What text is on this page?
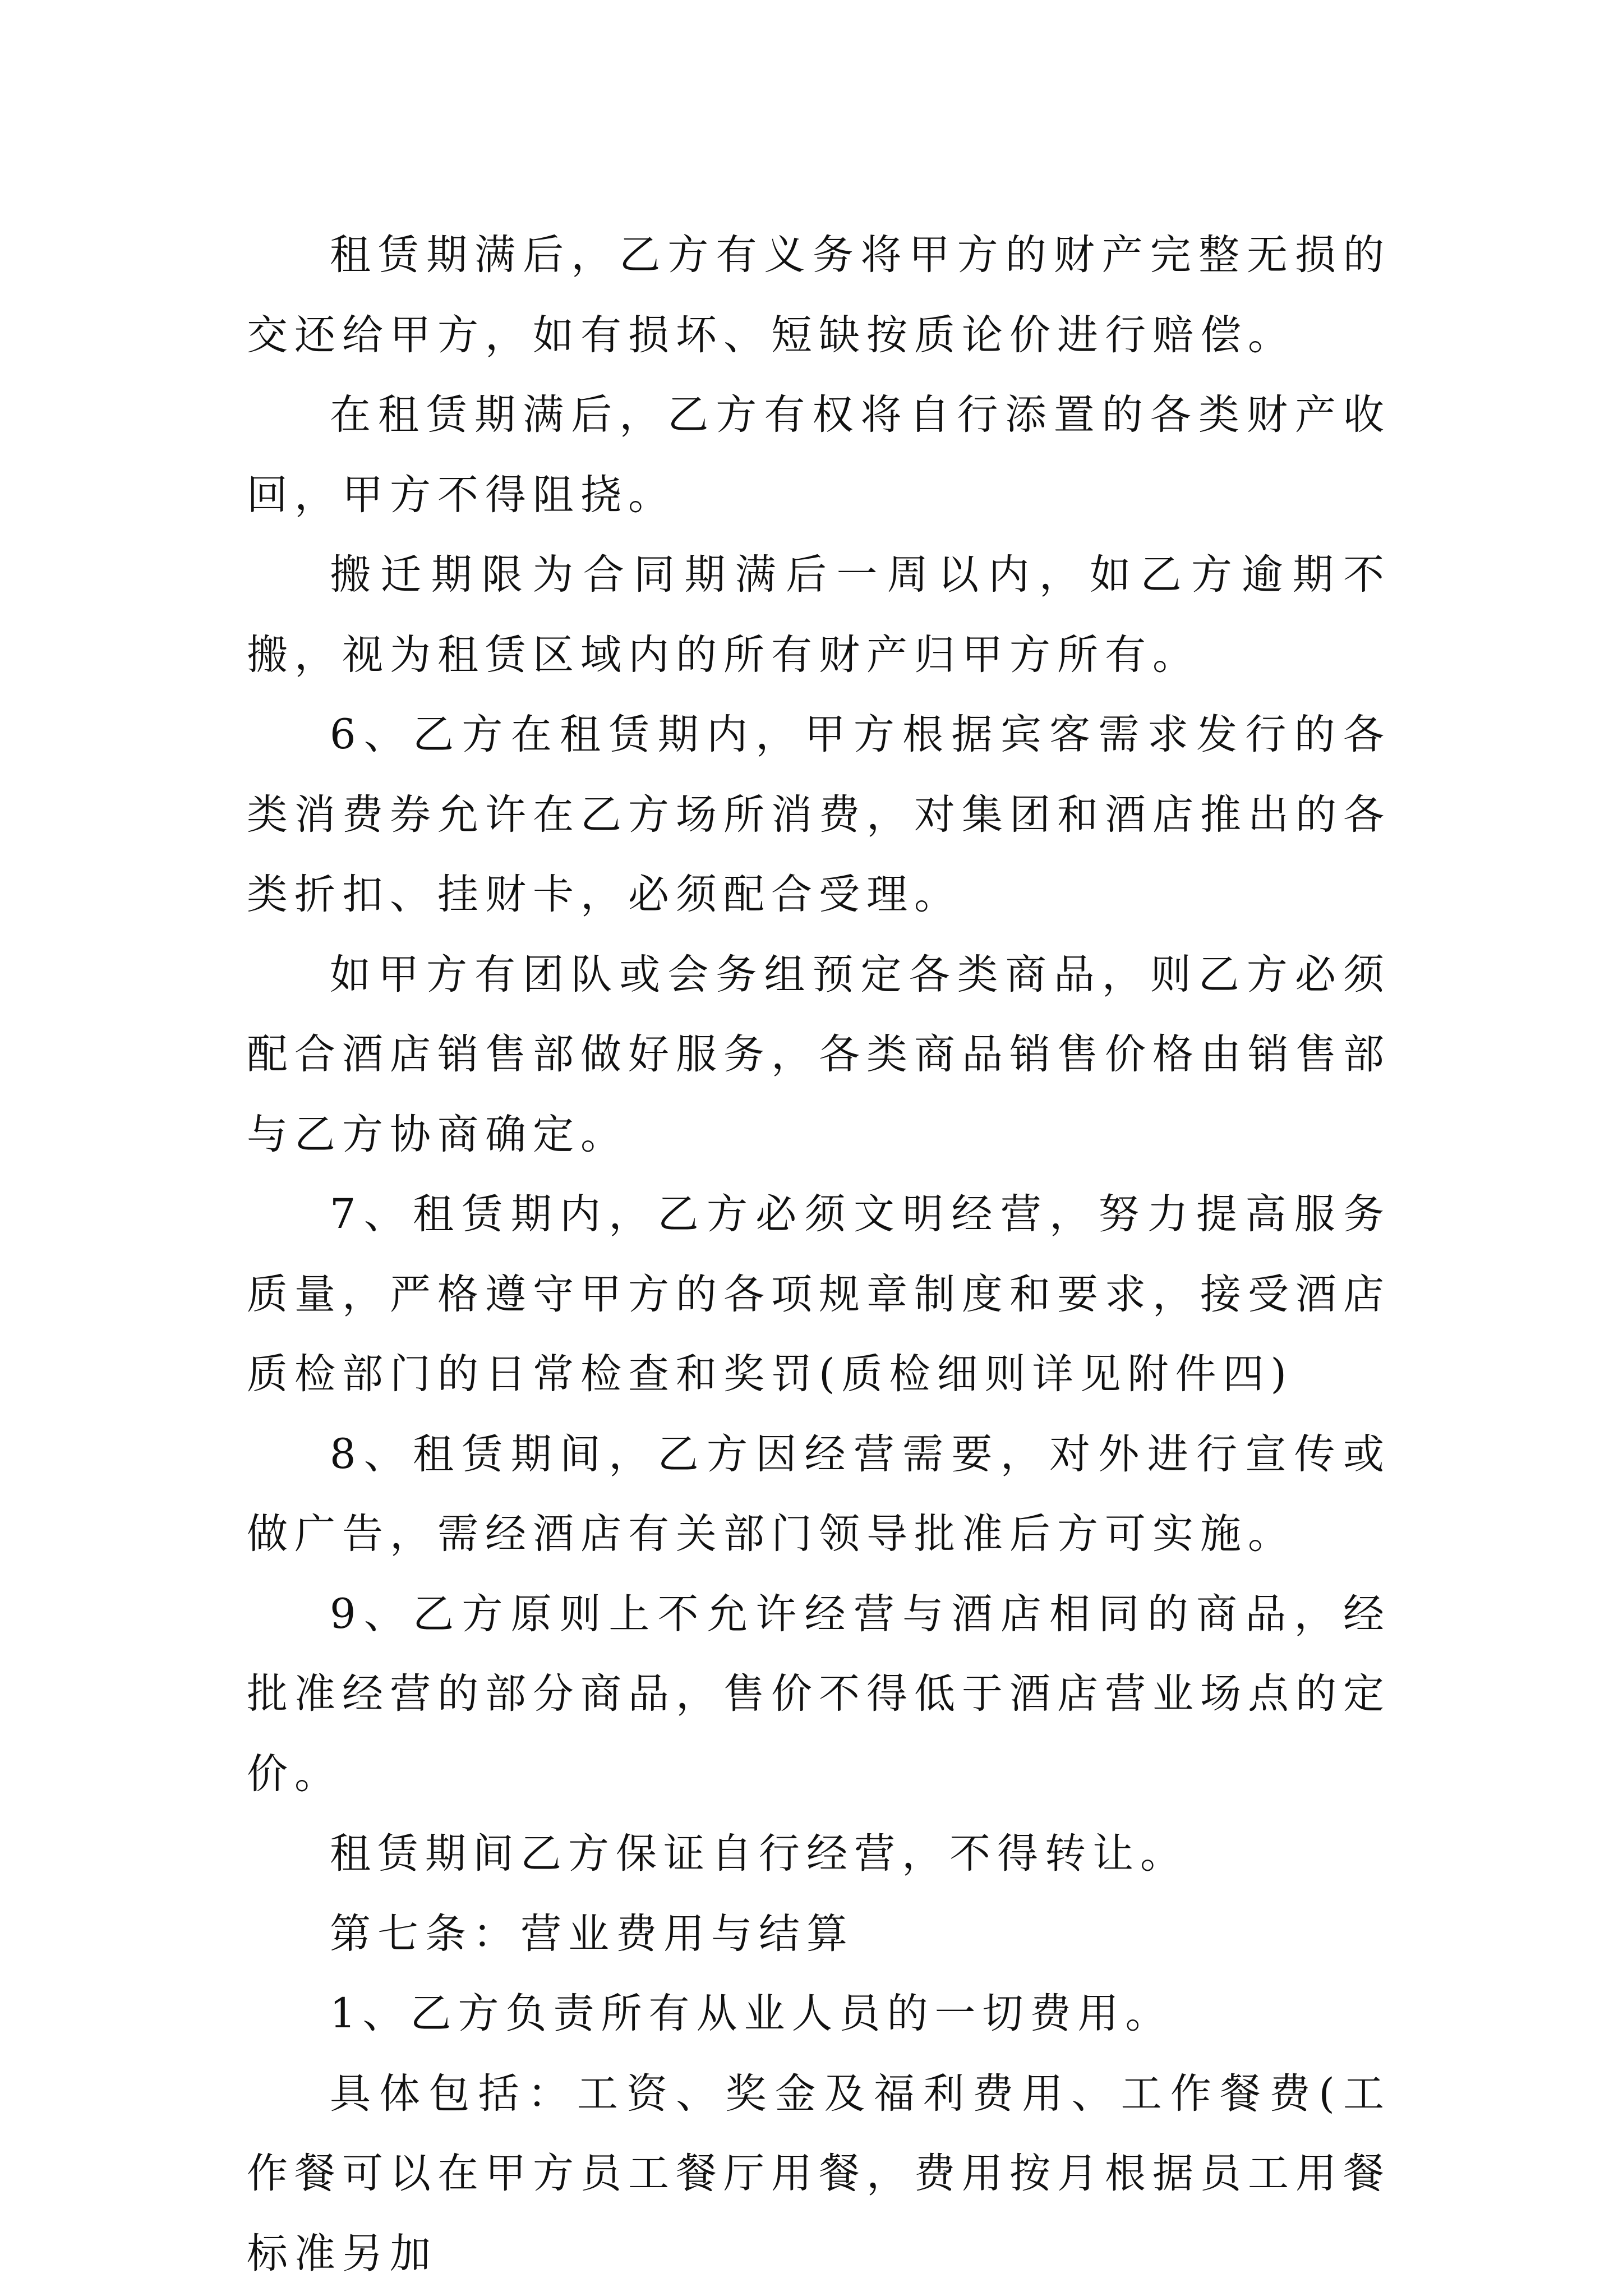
租赁期满后，乙方有义务将甲方的财产完整无损的交还给甲方，如有损坏、短缺按质论价进行赔偿。

在租赁期满后，乙方有权将自行添置的各类财产收回，甲方不得阻挠。

搬迁期限为合同期满后一周以内，如乙方逾期不搬，视为租赁区域内的所有财产归甲方所有。

6、乙方在租赁期内，甲方根据宾客需求发行的各类消费券允许在乙方场所消费，对集团和酒店推出的各类折扣、挂财卡，必须配合受理。

如甲方有团队或会务组预定各类商品，则乙方必须配合酒店销售部做好服务，各类商品销售价格由销售部与乙方协商确定。

7、租赁期内，乙方必须文明经营，努力提高服务质量，严格遵守甲方的各项规章制度和要求，接受酒店质检部门的日常检查和奖罚(质检细则详见附件四)

8、租赁期间，乙方因经营需要，对外进行宣传或做广告，需经酒店有关部门领导批准后方可实施。

9、乙方原则上不允许经营与酒店相同的商品，经批准经营的部分商品，售价不得低于酒店营业场点的定价。

租赁期间乙方保证自行经营，不得转让。

第七条：营业费用与结算

1、乙方负责所有从业人员的一切费用。

具体包括：工资、奖金及福利费用、工作餐费(工作餐可以在甲方员工餐厅用餐，费用按月根据员工用餐标准另加
